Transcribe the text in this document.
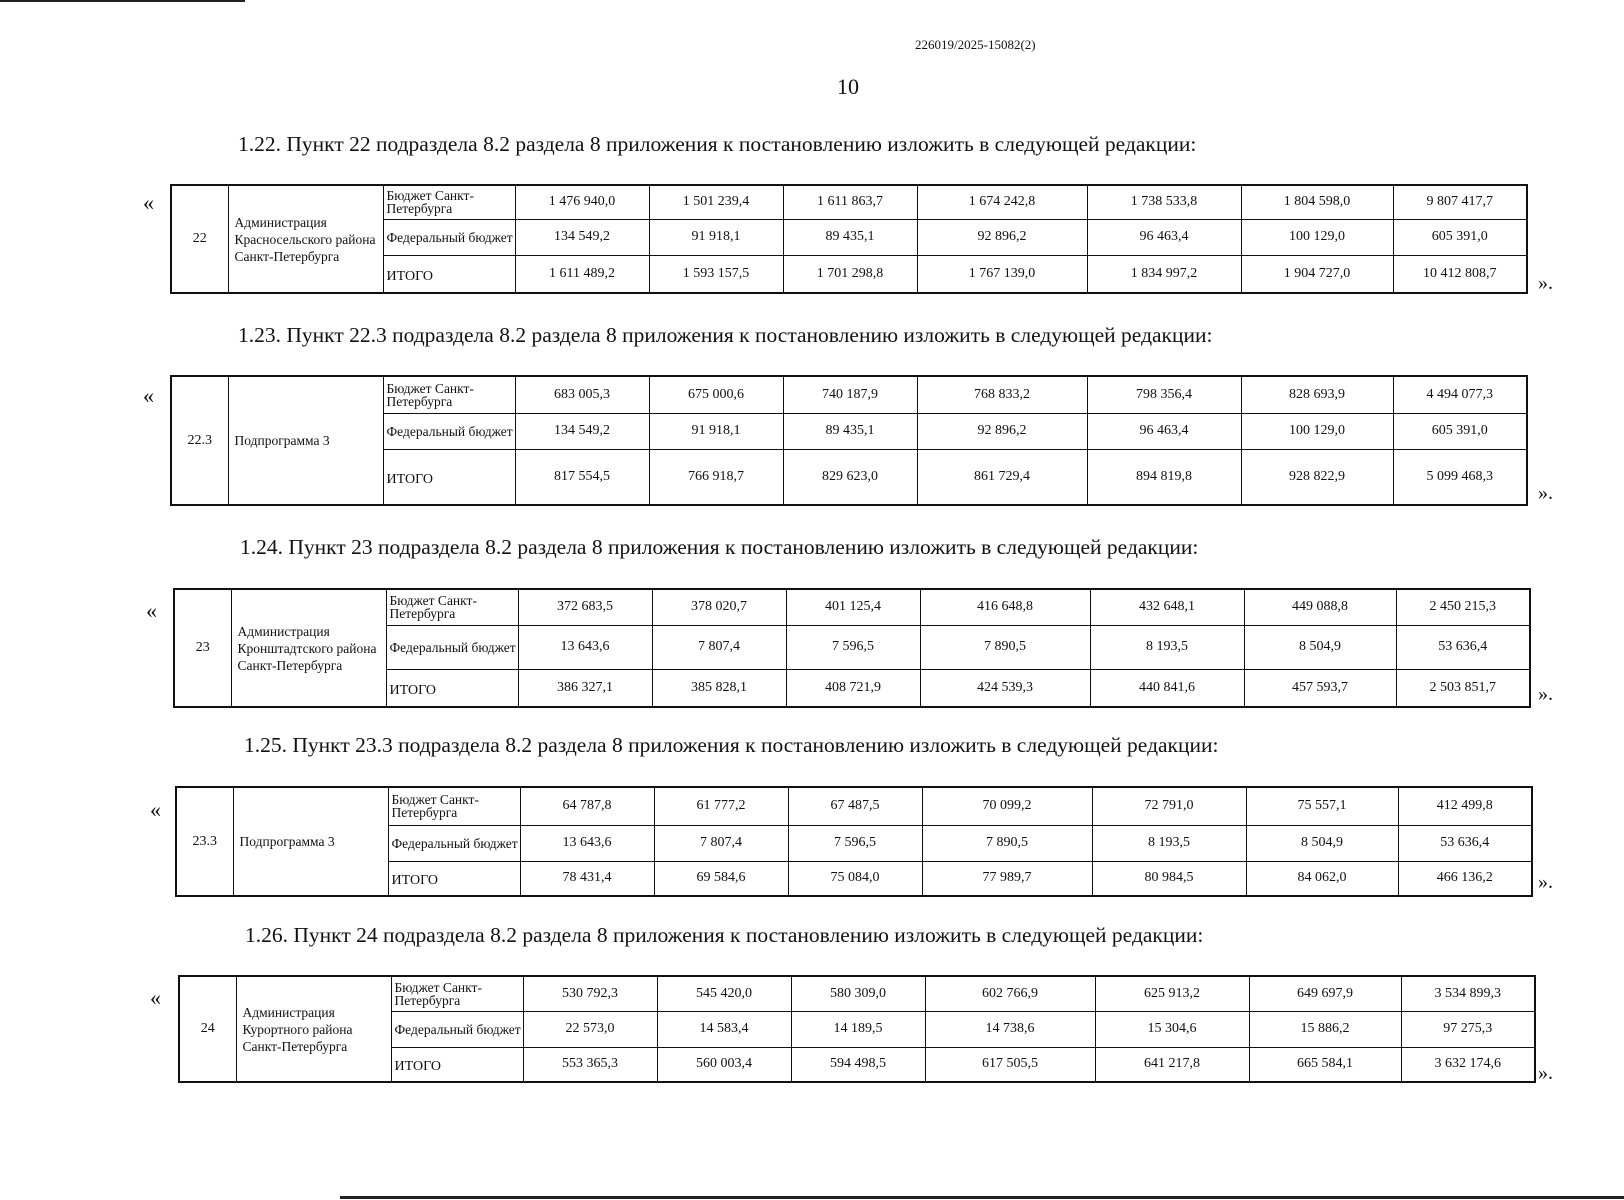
226019/2025-15082(2)
10
1.22. Пункт 22 подраздела 8.2 раздела 8 приложения к постановлению изложить в следующей редакции:
«
».
22	Администрация Красносельского района Санкт-Петербурга	Бюджет Санкт-Петербурга	1 476 940,0	1 501 239,4	1 611 863,7	1 674 242,8	1 738 533,8	1 804 598,0	9 807 417,7
		Федеральный бюджет	134 549,2	91 918,1	89 435,1	92 896,2	96 463,4	100 129,0	605 391,0
		ИТОГО	1 611 489,2	1 593 157,5	1 701 298,8	1 767 139,0	1 834 997,2	1 904 727,0	10 412 808,7
1.23. Пункт 22.3 подраздела 8.2 раздела 8 приложения к постановлению изложить в следующей редакции:
«
».
22.3	Подпрограмма 3	Бюджет Санкт-Петербурга	683 005,3	675 000,6	740 187,9	768 833,2	798 356,4	828 693,9	4 494 077,3
		Федеральный бюджет	134 549,2	91 918,1	89 435,1	92 896,2	96 463,4	100 129,0	605 391,0
		ИТОГО	817 554,5	766 918,7	829 623,0	861 729,4	894 819,8	928 822,9	5 099 468,3
1.24. Пункт 23 подраздела 8.2 раздела 8 приложения к постановлению изложить в следующей редакции:
«
».
23	Администрация Кронштадтского района Санкт-Петербурга	Бюджет Санкт-Петербурга	372 683,5	378 020,7	401 125,4	416 648,8	432 648,1	449 088,8	2 450 215,3
		Федеральный бюджет	13 643,6	7 807,4	7 596,5	7 890,5	8 193,5	8 504,9	53 636,4
		ИТОГО	386 327,1	385 828,1	408 721,9	424 539,3	440 841,6	457 593,7	2 503 851,7
1.25. Пункт 23.3 подраздела 8.2 раздела 8 приложения к постановлению изложить в следующей редакции:
«
».
23.3	Подпрограмма 3	Бюджет Санкт-Петербурга	64 787,8	61 777,2	67 487,5	70 099,2	72 791,0	75 557,1	412 499,8
		Федеральный бюджет	13 643,6	7 807,4	7 596,5	7 890,5	8 193,5	8 504,9	53 636,4
		ИТОГО	78 431,4	69 584,6	75 084,0	77 989,7	80 984,5	84 062,0	466 136,2
1.26. Пункт 24 подраздела 8.2 раздела 8 приложения к постановлению изложить в следующей редакции:
«
».
24	Администрация Курортного района Санкт-Петербурга	Бюджет Санкт-Петербурга	530 792,3	545 420,0	580 309,0	602 766,9	625 913,2	649 697,9	3 534 899,3
		Федеральный бюджет	22 573,0	14 583,4	14 189,5	14 738,6	15 304,6	15 886,2	97 275,3
		ИТОГО	553 365,3	560 003,4	594 498,5	617 505,5	641 217,8	665 584,1	3 632 174,6
